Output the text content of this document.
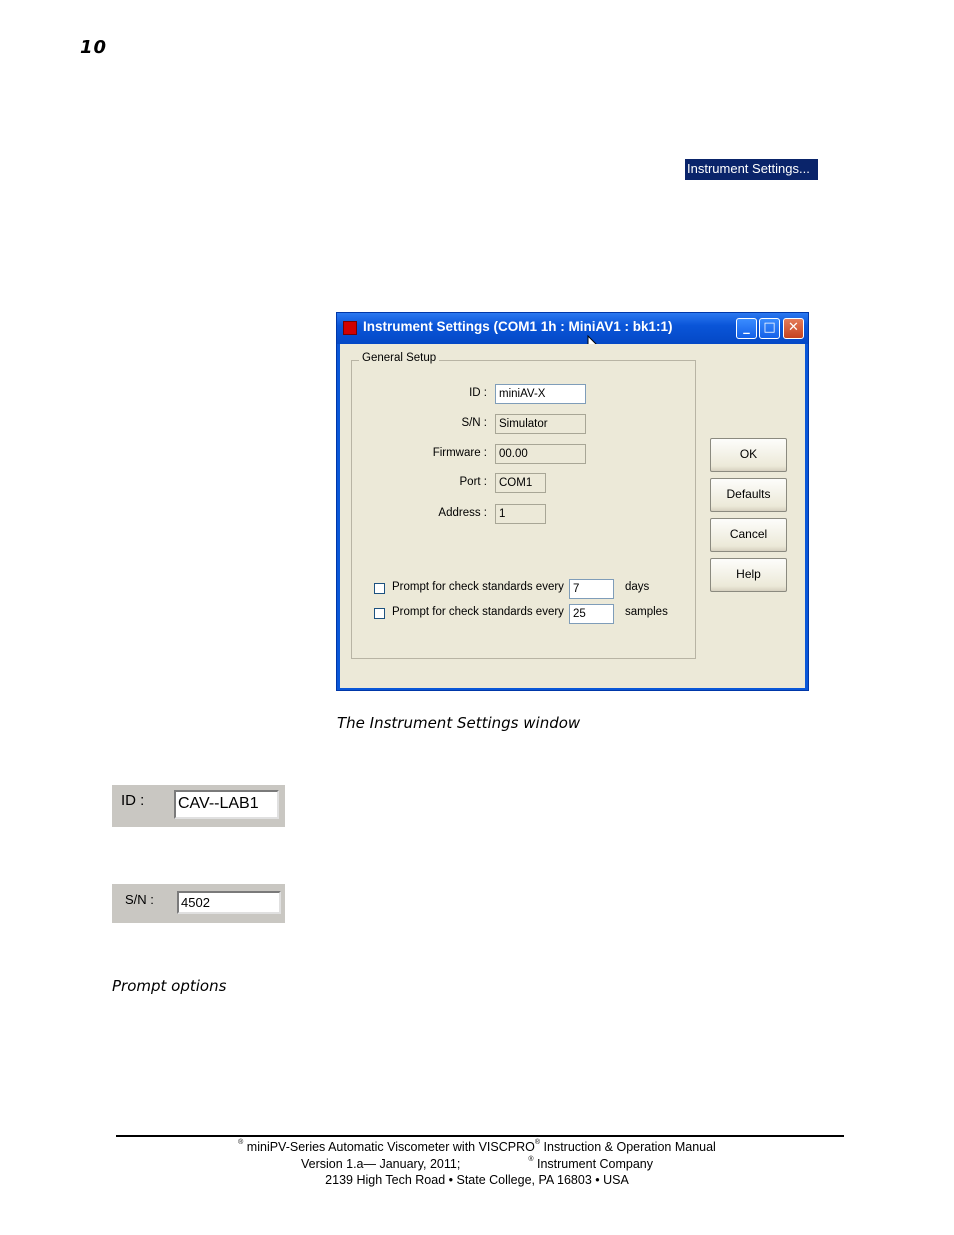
10
Instrument Settings...
Instrument Settings (COM1 1h : MiniAV1 : bk1:1)	_	□ ✕
General Setup
ID :	miniAV-X
S/N :	Simulator
Firmware :	00.00
Port :	COM1
Address :	1
Prompt for check standards every 7	days
Prompt for check standards every 25	samples
OK
Defaults
Cancel
Help
The Instrument Settings window
ID : CAV--LAB1
S/N :	4502
Prompt options
® miniPV-Series Automatic Viscometer with VISCPRO® Instruction & Operation Manual
Version 1.a— January, 2011;	® Instrument Company
2139 High Tech Road • State College, PA 16803 • USA
